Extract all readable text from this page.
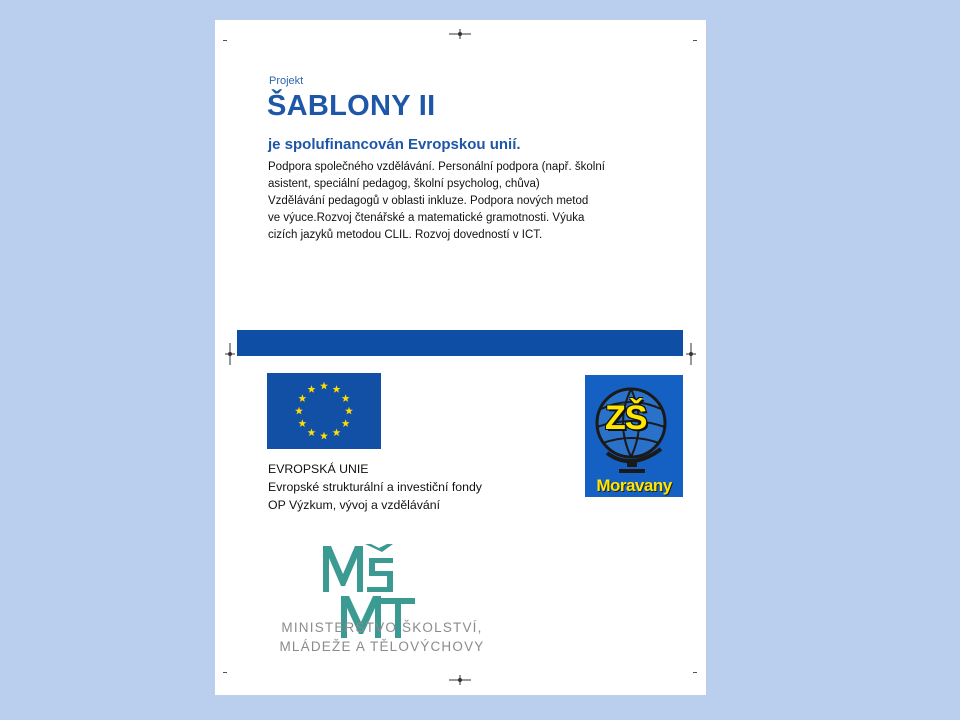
Projekt
ŠABLONY II
je spolufinancován Evropskou unií.
Podpora společného vzdělávání. Personální podpora (např. školní
asistent, speciální pedagog, školní psycholog, chůva)
Vzdělávání pedagogů v oblasti inkluze. Podpora nových metod
ve výuce.Rozvoj čtenářské a matematické gramotnosti. Výuka
cizích jazyků metodou CLIL. Rozvoj dovedností v ICT.
EVROPSKÁ UNIE
Evropské strukturální a investiční fondy
OP Výzkum, vývoj a vzdělávání
ZŠ
Moravany
MINISTERSTVO ŠKOLSTVÍ,
MLÁDEŽE A TĚLOVÝCHOVY
